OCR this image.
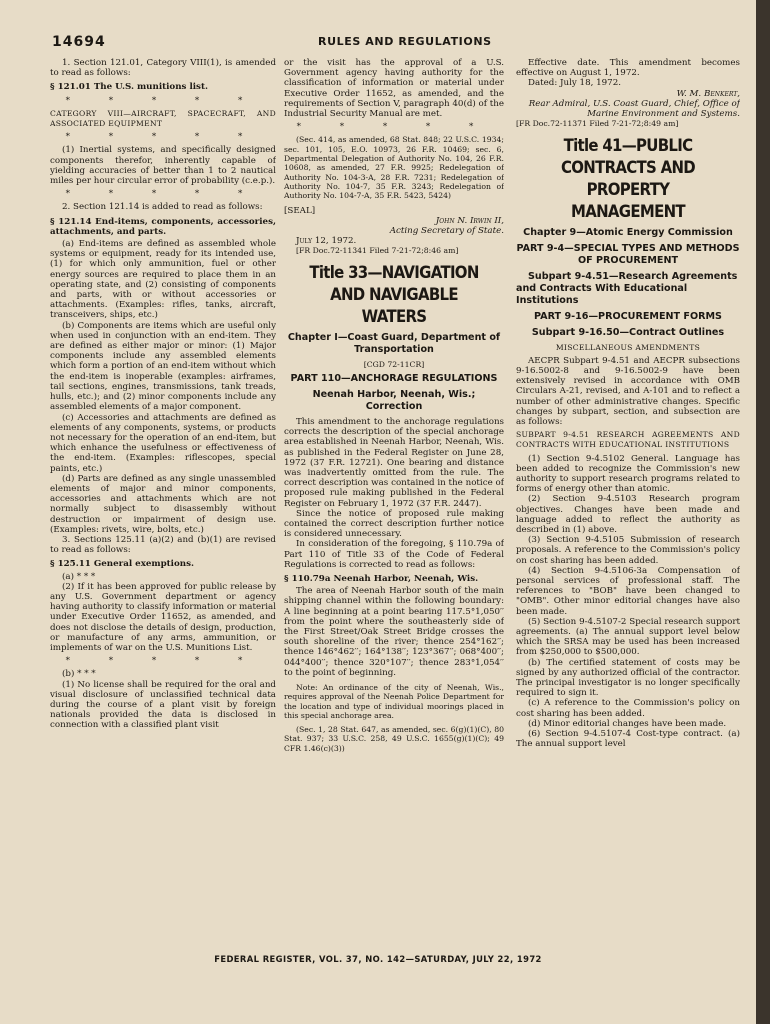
14694	RULES AND REGULATIONS

1. Section 121.01, Category VIII(1), is amended to read as follows:

§ 121.01 The U.S. munitions list.

* * * * *

CATEGORY VIII—AIRCRAFT, SPACECRAFT, AND ASSOCIATED EQUIPMENT

* * * * *

(1) Inertial systems, and specifically designed components therefor, inherently capable of yielding accuracies of better than 1 to 2 nautical miles per hour circular error of probability (c.e.p.).

* * * * *

2. Section 121.14 is added to read as follows:

§ 121.14 End-items, components, accessories, attachments, and parts.

(a) End-items are defined as assembled whole systems or equipment, ready for its intended use, (1) for which only ammunition, fuel or other energy sources are required to place them in an operating state, and (2) consisting of components and parts, with or without accessories or attachments. (Examples: rifles, tanks, aircraft, transceivers, ships, etc.)

(b) Components are items which are useful only when used in conjunction with an end-item. They are defined as either major or minor: (1) Major components include any assembled elements which form a portion of an end-item without which the end-item is inoperable (examples: airframes, tail sections, engines, transmissions, tank treads, hulls, etc.); and (2) minor components include any assembled elements of a major component.

(c) Accessories and attachments are defined as elements of any components, systems, or products not necessary for the operation of an end-item, but which enhance the usefulness or effectiveness of the end-item. (Examples: riflescopes, special paints, etc.)

(d) Parts are defined as any single unassembled elements of major and minor components, accessories and attachments which are not normally subject to disassembly without destruction or impairment of design use. (Examples: rivets, wire, bolts, etc.)

3. Sections 125.11 (a)(2) and (b)(1) are revised to read as follows:

§ 125.11 General exemptions.

(a) * * *

(2) If it has been approved for public release by any U.S. Government department or agency having authority to classify information or material under Executive Order 11652, as amended, and does not disclose the details of design, production, or manufacture of any arms, ammunition, or implements of war on the U.S. Munitions List.

* * * * *

(b) * * *

(1) No license shall be required for the oral and visual disclosure of unclassified technical data during the course of a plant visit by foreign nationals provided the data is disclosed in connection with a classified plant visit

or the visit has the approval of a U.S. Government agency having authority for the classification of information or material under Executive Order 11652, as amended, and the requirements of Section V, paragraph 40(d) of the Industrial Security Manual are met.

* * * * *

(Sec. 414, as amended, 68 Stat. 848; 22 U.S.C. 1934; sec. 101, 105, E.O. 10973, 26 F.R. 10469; sec. 6, Departmental Delegation of Authority No. 104, 26 F.R. 10608, as amended, 27 F.R. 9925; Redelegation of Authority No. 104-3-A, 28 F.R. 7231; Redelegation of Authority No. 104-7, 35 F.R. 3243; Redelegation of Authority No. 104-7-A, 35 F.R. 5423, 5424)

[SEAL]

John N. Irwin II,

Acting Secretary of State.

July 12, 1972.

[FR Doc.72-11341 Filed 7-21-72;8:46 am]

Title 33—NAVIGATION AND NAVIGABLE WATERS

Chapter I—Coast Guard, Department of Transportation

[CGD 72-11CR]

PART 110—ANCHORAGE REGULATIONS

Neenah Harbor, Neenah, Wis.; Correction

This amendment to the anchorage regulations corrects the description of the special anchorage area established in Neenah Harbor, Neenah, Wis. as published in the Federal Register on June 28, 1972 (37 F.R. 12721). One bearing and distance was inadvertently omitted from the rule. The correct description was contained in the notice of proposed rule making published in the Federal Register on February 1, 1972 (37 F.R. 2447).

Since the notice of proposed rule making contained the correct description further notice is considered unnecessary.

In consideration of the foregoing, § 110.79a of Part 110 of Title 33 of the Code of Federal Regulations is corrected to read as follows:

§ 110.79a Neenah Harbor, Neenah, Wis.

The area of Neenah Harbor south of the main shipping channel within the following boundary: A line beginning at a point bearing 117.5°1,050′′ from the point where the southeasterly side of the First Street/Oak Street Bridge crosses the south shoreline of the river; thence 254°162′′; thence 146°462′′; 164°138′′; 123°367′′; 068°400′′; 044°400′′; thence 320°107′′; thence 283°1,054′′ to the point of beginning.

Note: An ordinance of the city of Neenah, Wis., requires approval of the Neenah Police Department for the location and type of individual moorings placed in this special anchorage area.

(Sec. 1, 28 Stat. 647, as amended, sec. 6(g)(1)(C), 80 Stat. 937; 33 U.S.C. 258, 49 U.S.C. 1655(g)(1)(C); 49 CFR 1.46(c)(3))

Effective date. This amendment becomes effective on August 1, 1972.

Dated: July 18, 1972.

W. M. Benkert,

Rear Admiral, U.S. Coast Guard, Chief, Office of Marine Environment and Systems.

[FR Doc.72-11371 Filed 7-21-72;8:49 am]

Title 41—PUBLIC CONTRACTS AND PROPERTY MANAGEMENT

Chapter 9—Atomic Energy Commission

PART 9-4—SPECIAL TYPES AND METHODS OF PROCUREMENT

Subpart 9-4.51—Research Agreements and Contracts With Educational Institutions

PART 9-16—PROCUREMENT FORMS

Subpart 9-16.50—Contract Outlines

MISCELLANEOUS AMENDMENTS

AECPR Subpart 9-4.51 and AECPR subsections 9-16.5002-8 and 9-16.5002-9 have been extensively revised in accordance with OMB Circulars A-21, revised, and A-101 and to reflect a number of other administrative changes. Specific changes by subpart, section, and subsection are as follows:

SUBPART 9-4.51 RESEARCH AGREEMENTS AND CONTRACTS WITH EDUCATIONAL INSTITUTIONS

(1) Section 9-4.5102 General. Language has been added to recognize the Commission's new authority to support research programs related to forms of energy other than atomic.

(2) Section 9-4.5103 Research program objectives. Changes have been made and language added to reflect the authority as described in (1) above.

(3) Section 9-4.5105 Submission of research proposals. A reference to the Commission's policy on cost sharing has been added.

(4) Section 9-4.5106-3a Compensation of personal services of professional staff. The references to "BOB" have been changed to "OMB". Other minor editorial changes have also been made.

(5) Section 9-4.5107-2 Special research support agreements. (a) The annual support level below which the SRSA may be used has been increased from $250,000 to $500,000.

(b) The certified statement of costs may be signed by any authorized official of the contractor. The principal investigator is no longer specifically required to sign it.

(c) A reference to the Commission's policy on cost sharing has been added.

(d) Minor editorial changes have been made.

(6) Section 9-4.5107-4 Cost-type contract. (a) The annual support level

FEDERAL REGISTER, VOL. 37, NO. 142—SATURDAY, JULY 22, 1972
